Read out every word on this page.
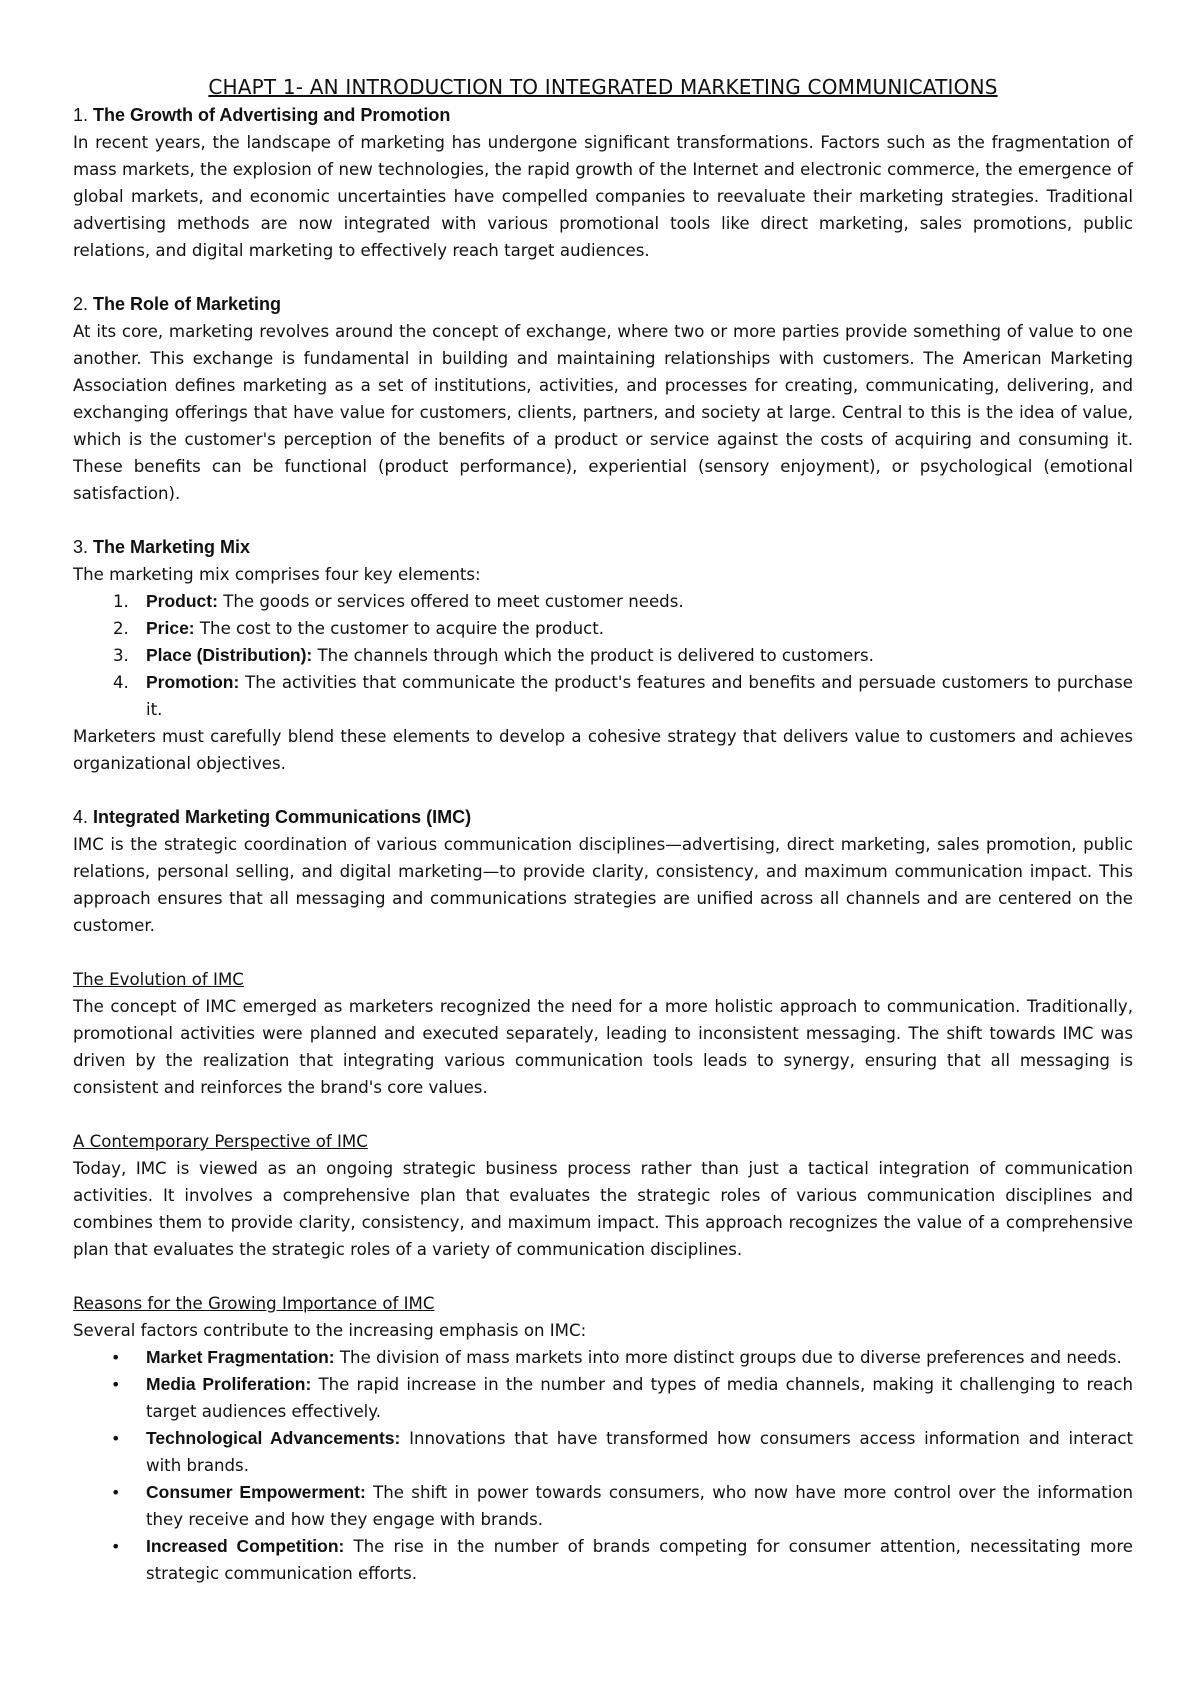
CHAPT 1- AN INTRODUCTION TO INTEGRATED MARKETING COMMUNICATIONS
1. The Growth of Advertising and Promotion

In recent years, the landscape of marketing has undergone significant transformations. Factors such as the fragmentation of mass markets, the explosion of new technologies, the rapid growth of the Internet and electronic commerce, the emergence of global markets, and economic uncertainties have compelled companies to reevaluate their marketing strategies. Traditional advertising methods are now integrated with various promotional tools like direct marketing, sales promotions, public relations, and digital marketing to effectively reach target audiences.

2. The Role of Marketing

At its core, marketing revolves around the concept of exchange, where two or more parties provide something of value to one another. This exchange is fundamental in building and maintaining relationships with customers. The American Marketing Association defines marketing as a set of institutions, activities, and processes for creating, communicating, delivering, and exchanging offerings that have value for customers, clients, partners, and society at large. Central to this is the idea of value, which is the customer's perception of the benefits of a product or service against the costs of acquiring and consuming it. These benefits can be functional (product performance), experiential (sensory enjoyment), or psychological (emotional satisfaction).

3. The Marketing Mix

The marketing mix comprises four key elements:

1. Product: The goods or services offered to meet customer needs.
2. Price: The cost to the customer to acquire the product.
3. Place (Distribution): The channels through which the product is delivered to customers.
4. Promotion: The activities that communicate the product's features and benefits and persuade customers to purchase it.

Marketers must carefully blend these elements to develop a cohesive strategy that delivers value to customers and achieves organizational objectives.

4. Integrated Marketing Communications (IMC)

IMC is the strategic coordination of various communication disciplines—advertising, direct marketing, sales promotion, public relations, personal selling, and digital marketing—to provide clarity, consistency, and maximum communication impact. This approach ensures that all messaging and communications strategies are unified across all channels and are centered on the customer.

The Evolution of IMC

The concept of IMC emerged as marketers recognized the need for a more holistic approach to communication. Traditionally, promotional activities were planned and executed separately, leading to inconsistent messaging. The shift towards IMC was driven by the realization that integrating various communication tools leads to synergy, ensuring that all messaging is consistent and reinforces the brand's core values.

A Contemporary Perspective of IMC

Today, IMC is viewed as an ongoing strategic business process rather than just a tactical integration of communication activities. It involves a comprehensive plan that evaluates the strategic roles of various communication disciplines and combines them to provide clarity, consistency, and maximum impact. This approach recognizes the value of a comprehensive plan that evaluates the strategic roles of a variety of communication disciplines.

Reasons for the Growing Importance of IMC

Several factors contribute to the increasing emphasis on IMC:

• Market Fragmentation: The division of mass markets into more distinct groups due to diverse preferences and needs.
• Media Proliferation: The rapid increase in the number and types of media channels, making it challenging to reach target audiences effectively.
• Technological Advancements: Innovations that have transformed how consumers access information and interact with brands.
• Consumer Empowerment: The shift in power towards consumers, who now have more control over the information they receive and how they engage with brands.
• Increased Competition: The rise in the number of brands competing for consumer attention, necessitating more strategic communication efforts.
